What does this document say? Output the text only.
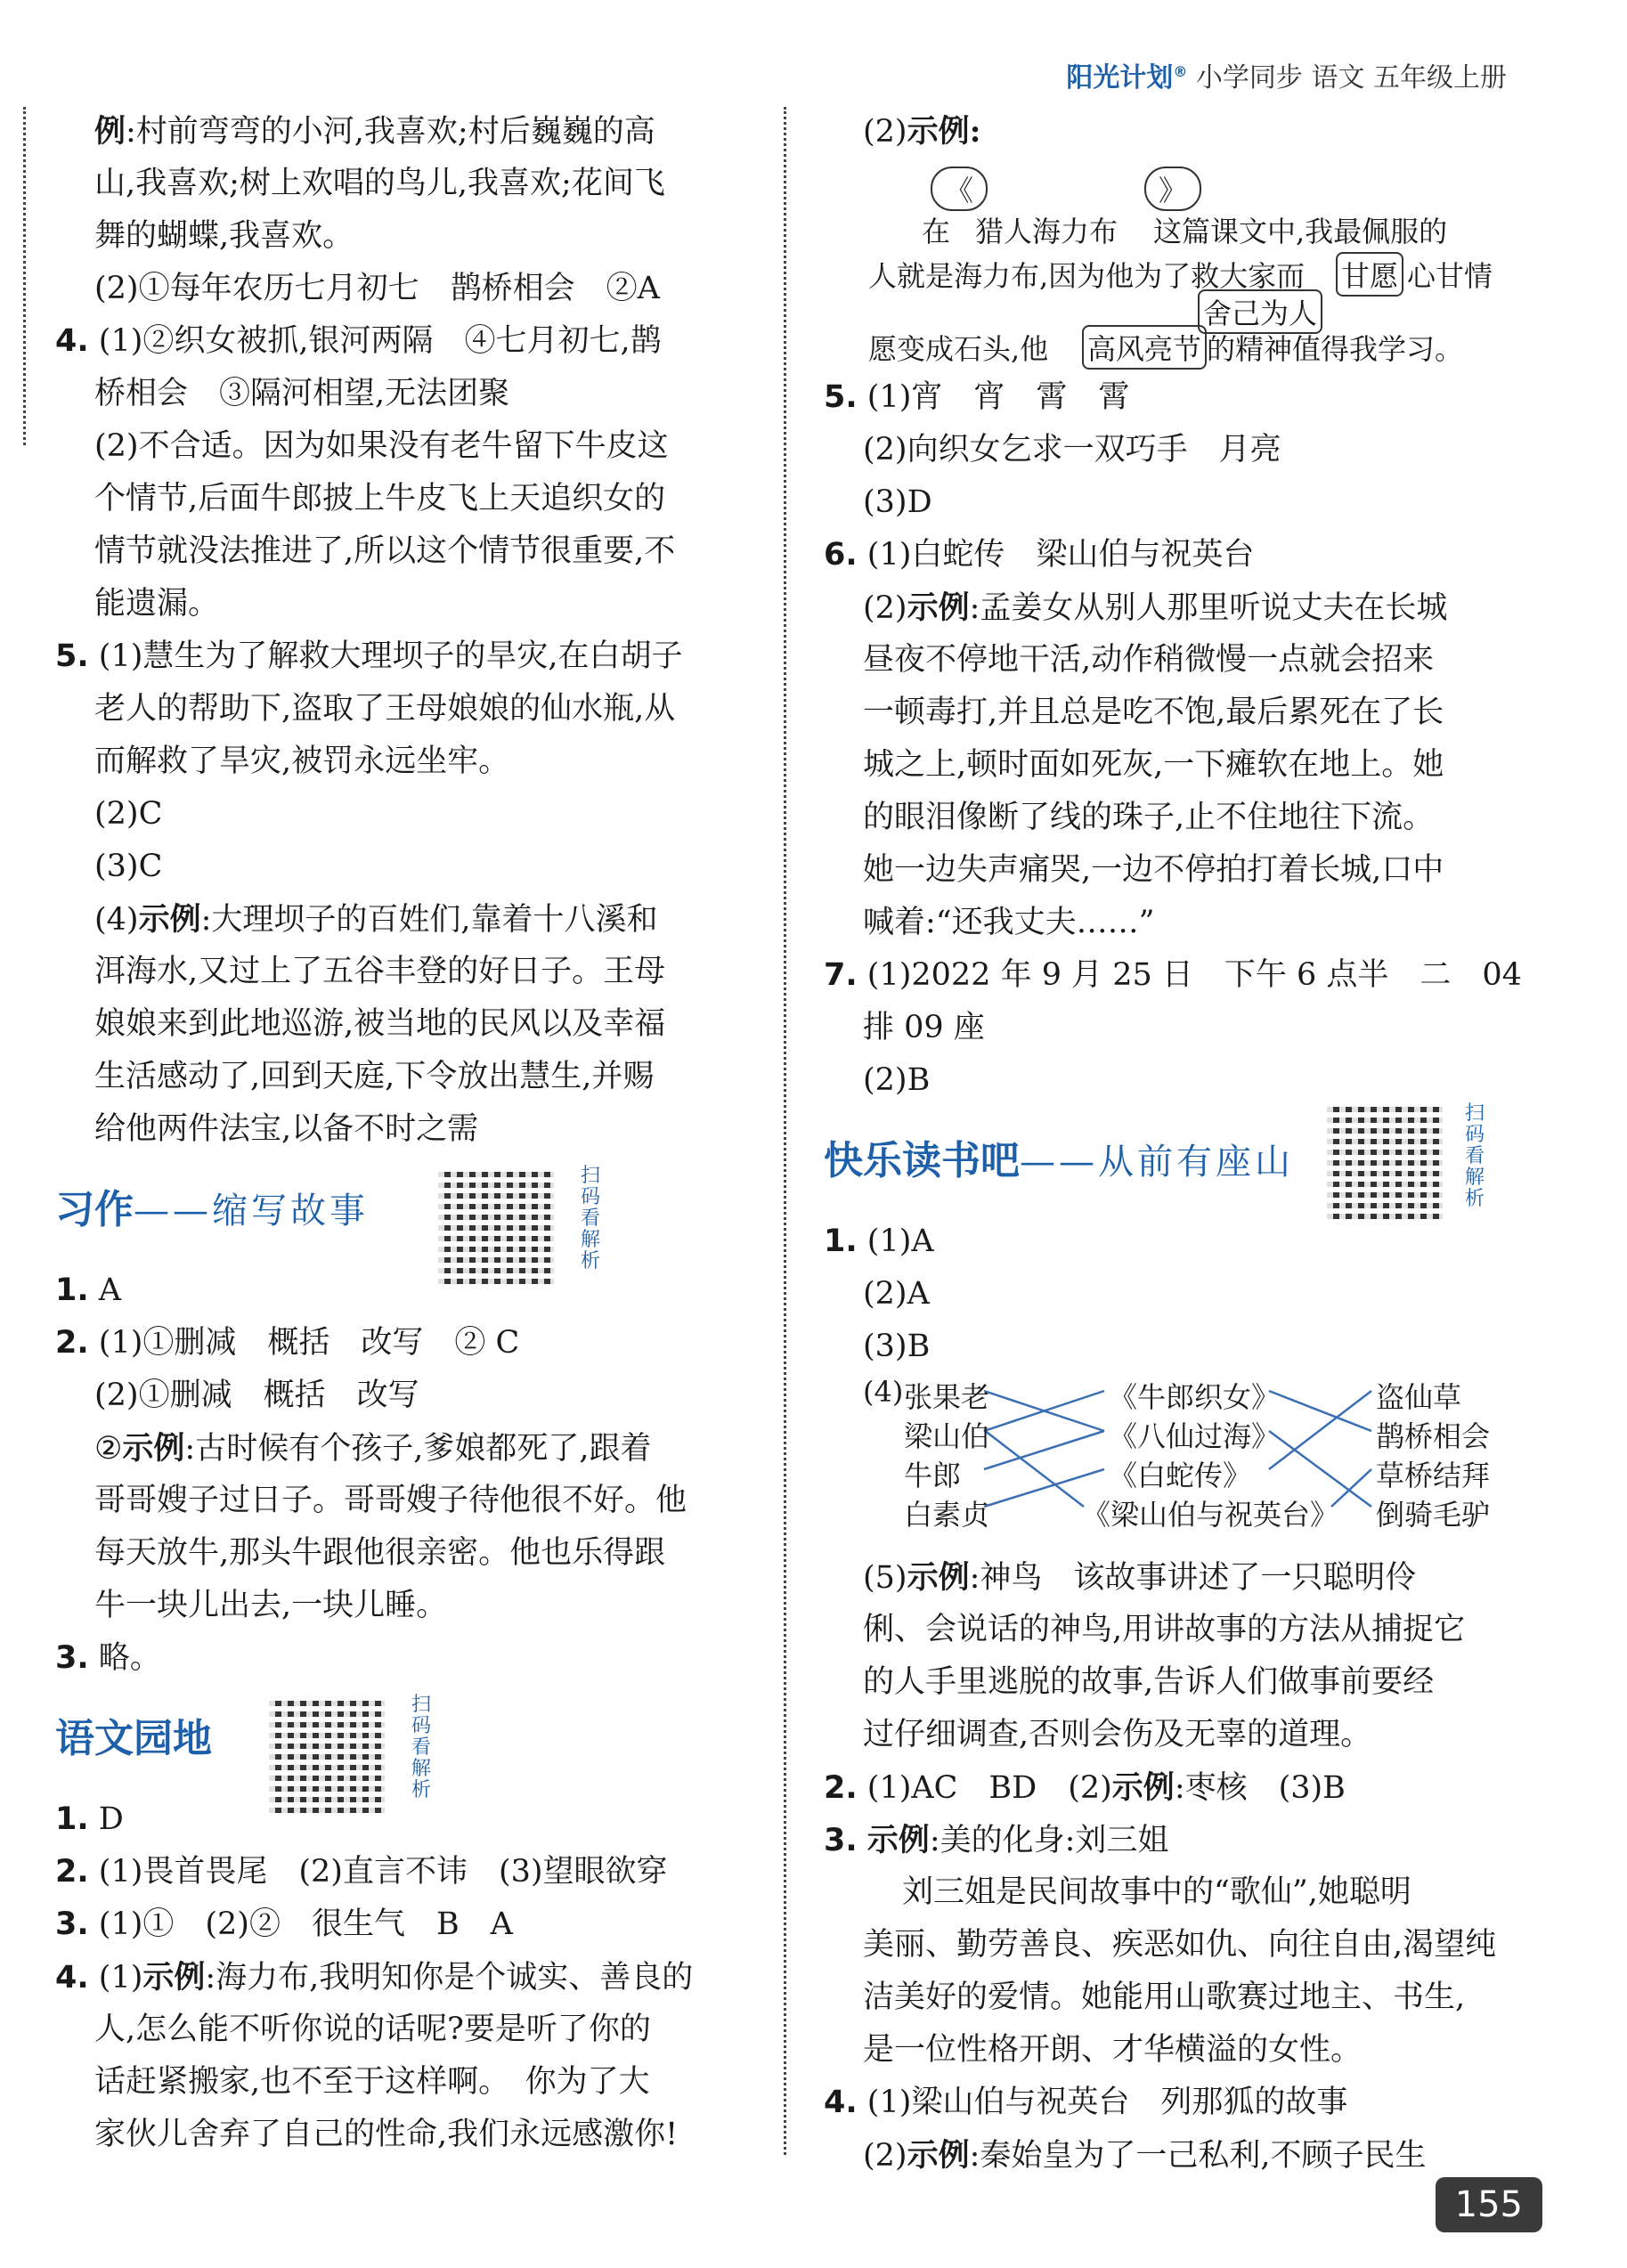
阳光计划® 小学同步 语文 五年级上册
例:村前弯弯的小河,我喜欢;村后巍巍的高
山,我喜欢;树上欢唱的鸟儿,我喜欢;花间飞
舞的蝴蝶,我喜欢。
(2)①每年农历七月初七　鹊桥相会　②A
4. (1)②织女被抓,银河两隔　④七月初七,鹊
桥相会　③隔河相望,无法团聚
(2)不合适。因为如果没有老牛留下牛皮这
个情节,后面牛郎披上牛皮飞上天追织女的
情节就没法推进了,所以这个情节很重要,不
能遗漏。
5. (1)慧生为了解救大理坝子的旱灾,在白胡子
老人的帮助下,盗取了王母娘娘的仙水瓶,从
而解救了旱灾,被罚永远坐牢。
(2)C
(3)C
(4)示例:大理坝子的百姓们,靠着十八溪和
洱海水,又过上了五谷丰登的好日子。王母
娘娘来到此地巡游,被当地的民风以及幸福
生活感动了,回到天庭,下令放出慧生,并赐
给他两件法宝,以备不时之需
习作——缩写故事
扫码看解析
1. A
2. (1)①删减　概括　改写　② C
(2)①删减　概括　改写
②示例:古时候有个孩子,爹娘都死了,跟着
哥哥嫂子过日子。哥哥嫂子待他很不好。他
每天放牛,那头牛跟他很亲密。他也乐得跟
牛一块儿出去,一块儿睡。
3. 略。
语文园地
扫码看解析
1. D
2. (1)畏首畏尾　(2)直言不讳　(3)望眼欲穿
3. (1)①　(2)②　很生气　B　A
4. (1)示例:海力布,我明知你是个诚实、善良的
人,怎么能不听你说的话呢?要是听了你的
话赶紧搬家,也不至于这样啊。　你为了大
家伙儿舍弃了自己的性命,我们永远感激你!
(2)示例:
《	》
在 猎人海力布 这篇课文中,我最佩服的
人就是海力布,因为他为了救大家而 甘愿 心甘情
舍己为人
愿变成石头,他 高风亮节 的精神值得我学习。
5. (1)宵　宵　霄　霄
(2)向织女乞求一双巧手　月亮
(3)D
6. (1)白蛇传　梁山伯与祝英台
(2)示例:孟姜女从别人那里听说丈夫在长城
昼夜不停地干活,动作稍微慢一点就会招来
一顿毒打,并且总是吃不饱,最后累死在了长
城之上,顿时面如死灰,一下瘫软在地上。她
的眼泪像断了线的珠子,止不住地往下流。
她一边失声痛哭,一边不停拍打着长城,口中
喊着:“还我丈夫……”
7. (1)2022 年 9 月 25 日　下午 6 点半　二　04
排 09 座
(2)B
快乐读书吧——从前有座山
扫码看解析
1. (1)A
(2)A
(3)B
(4) 张果老
梁山伯
牛郎
白素贞
《牛郎织女》
《八仙过海》
《白蛇传》
《梁山伯与祝英台》
盗仙草
鹊桥相会
草桥结拜
倒骑毛驴
(5)示例:神鸟　该故事讲述了一只聪明伶
俐、会说话的神鸟,用讲故事的方法从捕捉它
的人手里逃脱的故事,告诉人们做事前要经
过仔细调查,否则会伤及无辜的道理。
2. (1)AC　BD　(2)示例:枣核　(3)B
3. 示例:美的化身:刘三姐
刘三姐是民间故事中的“歌仙”,她聪明
美丽、勤劳善良、疾恶如仇、向往自由,渴望纯
洁美好的爱情。她能用山歌赛过地主、书生,
是一位性格开朗、才华横溢的女性。
4. (1)梁山伯与祝英台　列那狐的故事
(2)示例:秦始皇为了一己私利,不顾子民生
155
